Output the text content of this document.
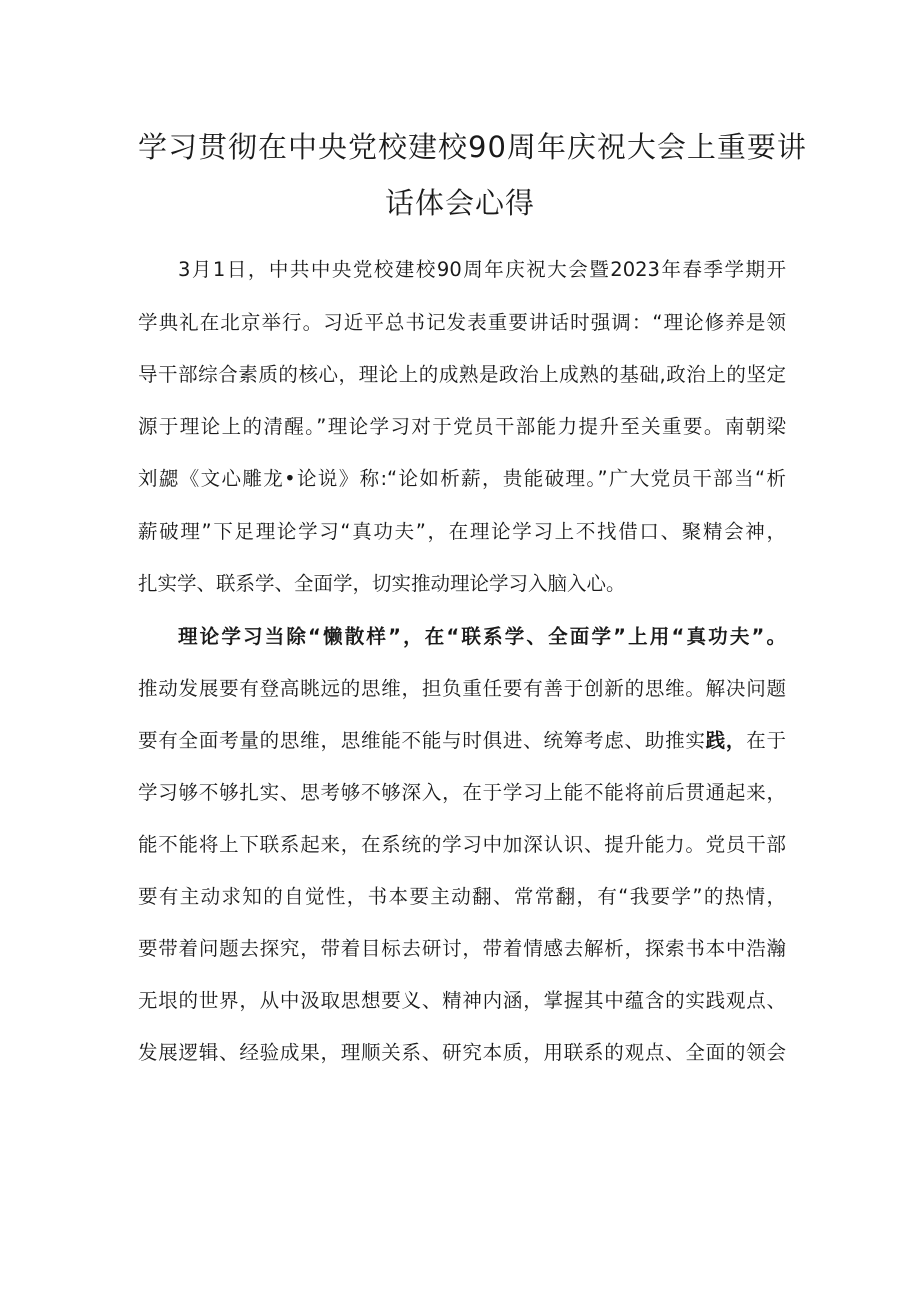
学习贯彻在中央党校建校90周年庆祝大会上重要讲
话体会心得
3月1日，中共中央党校建校90周年庆祝大会暨2023年春季学期开
学典礼在北京举行。习近平总书记发表重要讲话时强调：“理论修养是领
导干部综合素质的核心，理论上的成熟是政治上成熟的基础,政治上的坚定
源于理论上的清醒。”理论学习对于党员干部能力提升至关重要。南朝梁
刘勰《文心雕龙•论说》称:“论如析薪，贵能破理。”广大党员干部当“析
薪破理”下足理论学习“真功夫”，在理论学习上不找借口、聚精会神，
扎实学、联系学、全面学，切实推动理论学习入脑入心。
理论学习当除“懒散样”，在“联系学、全面学”上用“真功夫”。
推动发展要有登高眺远的思维，担负重任要有善于创新的思维。解决问题
要有全面考量的思维，思维能不能与时俱进、统筹考虑、助推实践，在于
学习够不够扎实、思考够不够深入，在于学习上能不能将前后贯通起来，
能不能将上下联系起来，在系统的学习中加深认识、提升能力。党员干部
要有主动求知的自觉性，书本要主动翻、常常翻，有“我要学”的热情，
要带着问题去探究，带着目标去研讨，带着情感去解析，探索书本中浩瀚
无垠的世界，从中汲取思想要义、精神内涵，掌握其中蕴含的实践观点、
发展逻辑、经验成果，理顺关系、研究本质，用联系的观点、全面的领会
